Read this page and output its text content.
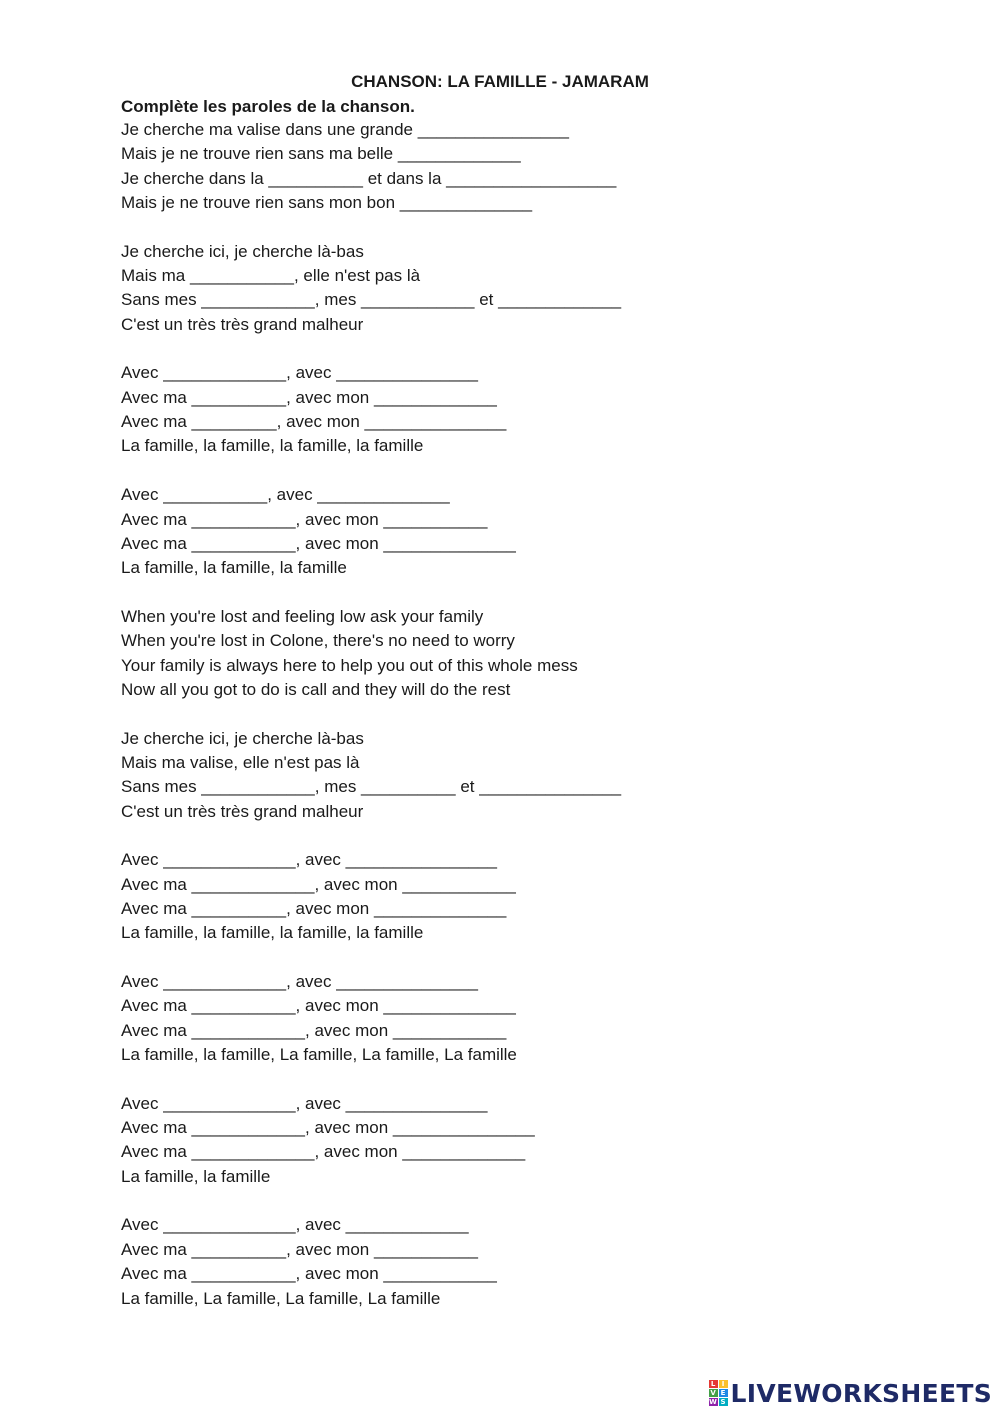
CHANSON: LA FAMILLE - JAMARAM
Complète les paroles de la chanson.
Je cherche ma valise dans une grande ________________
Mais je ne trouve rien sans ma belle _____________
Je cherche dans la __________ et dans la __________________
Mais je ne trouve rien sans mon bon ______________
Je cherche ici, je cherche là-bas
Mais ma ___________, elle n'est pas là
Sans mes ____________, mes ____________ et _____________
C'est un très très grand malheur
Avec _____________, avec _______________
Avec ma __________, avec mon _____________
Avec ma _________, avec mon _______________
La famille, la famille, la famille, la famille
Avec ___________, avec ______________
Avec ma ___________, avec mon ___________
Avec ma ___________, avec mon ______________
La famille, la famille, la famille
When you're lost and feeling low ask your family
When you're lost in Colone, there's no need to worry
Your family is always here to help you out of this whole mess
Now all you got to do is call and they will do the rest
Je cherche ici, je cherche là-bas
Mais ma valise, elle n'est pas là
Sans mes ____________, mes __________ et _______________
C'est un très très grand malheur
Avec ______________, avec ________________
Avec ma _____________, avec mon ____________
Avec ma __________, avec mon ______________
La famille, la famille, la famille, la famille
Avec _____________, avec _______________
Avec ma ___________, avec mon ______________
Avec ma ____________, avec mon ____________
La famille, la famille, La famille, La famille, La famille
Avec ______________, avec _______________
Avec ma ____________, avec mon _______________
Avec ma _____________, avec mon _____________
La famille, la famille
Avec ______________, avec _____________
Avec ma __________, avec mon ___________
Avec ma ___________, avec mon ____________
La famille, La famille, La famille, La famille
L I
V E
W S LIVEWORKSHEETS
